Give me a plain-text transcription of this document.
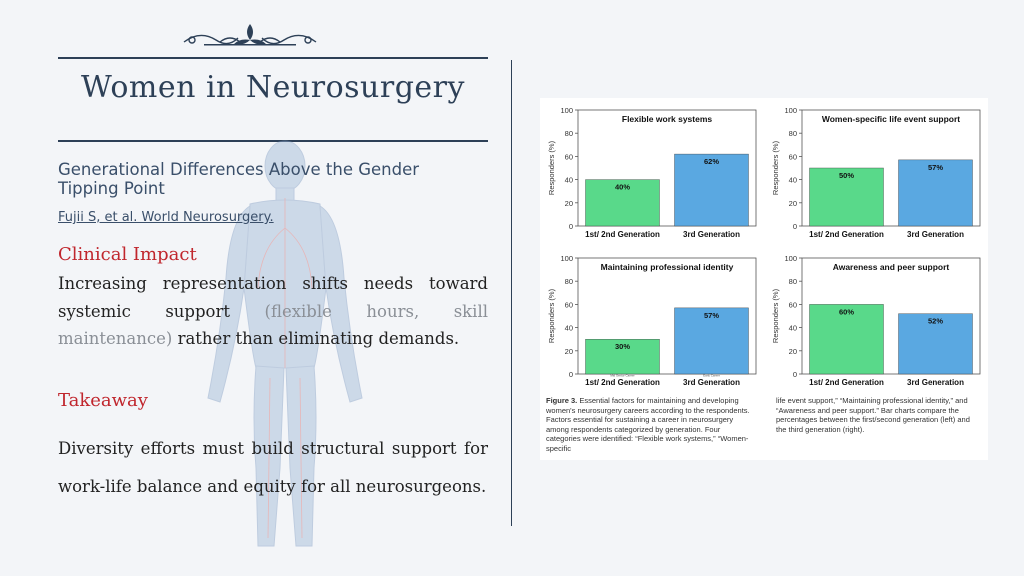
Women in Neurosurgery
Generational Differences Above the Gender Tipping Point
Fujii S, et al. World Neurosurgery.
Clinical Impact
Increasing representation shifts needs toward systemic support (flexible hours, skill maintenance) rather than eliminating demands.
Takeaway
Diversity efforts must build structural support for work-life balance and equity for all neurosurgeons.
0
20
40
60
80
100
Responders (%)
Flexible work systems
40%
1st/ 2nd Generation
62%
3rd Generation
0
20
40
60
80
100
Responders (%)
Women-specific life event support
50%
1st/ 2nd Generation
57%
3rd Generation
0
20
40
60
80
100
Responders (%)
Maintaining professional identity
30%
1st/ 2nd Generation
Mid Senior Career
57%
3rd Generation
Early Career	0
20
40
60
80
100
Responders (%)
Awareness and peer support
60%
1st/ 2nd Generation
52%
3rd Generation
Figure 3. Essential factors for maintaining and developing women's neurosurgery careers according to the respondents. Factors essential for sustaining a career in neurosurgery among respondents categorized by generation. Four categories were identified: “Flexible work systems,” “Women-specific
life event support,” “Maintaining professional identity,” and “Awareness and peer support.” Bar charts compare the percentages between the first/second generation (left) and the third generation (right).
